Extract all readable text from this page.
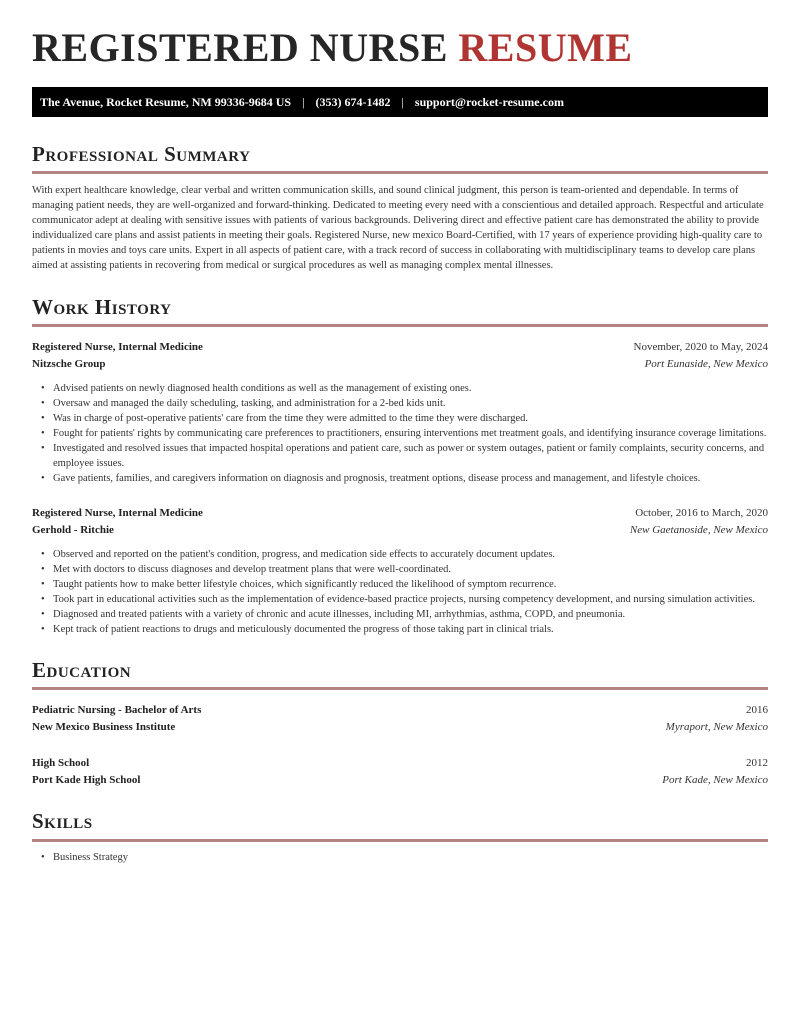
REGISTERED NURSE RESUME
The Avenue, Rocket Resume, NM 99336-9684 US | (353) 674-1482 | support@rocket-resume.com
Professional Summary

With expert healthcare knowledge, clear verbal and written communication skills, and sound clinical judgment, this person is team-oriented and dependable. In terms of managing patient needs, they are well-organized and forward-thinking. Dedicated to meeting every need with a conscientious and detailed approach. Respectful and articulate communicator adept at dealing with sensitive issues with patients of various backgrounds. Delivering direct and effective patient care has demonstrated the ability to provide individualized care plans and assist patients in meeting their goals. Registered Nurse, new mexico Board-Certified, with 17 years of experience providing high-quality care to patients in movies and toys care units. Expert in all aspects of patient care, with a track record of success in collaborating with multidisciplinary teams to develop care plans aimed at assisting patients in recovering from medical or surgical procedures as well as managing complex mental illnesses.

Work History
Registered Nurse, Internal Medicine	November, 2020 to May, 2024
Nitzsche Group	Port Eunaside, New Mexico
• Advised patients on newly diagnosed health conditions as well as the management of existing ones.
• Oversaw and managed the daily scheduling, tasking, and administration for a 2-bed kids unit.
• Was in charge of post-operative patients' care from the time they were admitted to the time they were discharged.
• Fought for patients' rights by communicating care preferences to practitioners, ensuring interventions met treatment goals, and identifying insurance coverage limitations.
• Investigated and resolved issues that impacted hospital operations and patient care, such as power or system outages, patient or family complaints, security concerns, and employee issues.
• Gave patients, families, and caregivers information on diagnosis and prognosis, treatment options, disease process and management, and lifestyle choices.
Registered Nurse, Internal Medicine	October, 2016 to March, 2020
Gerhold - Ritchie	New Gaetanoside, New Mexico
• Observed and reported on the patient's condition, progress, and medication side effects to accurately document updates.
• Met with doctors to discuss diagnoses and develop treatment plans that were well-coordinated.
• Taught patients how to make better lifestyle choices, which significantly reduced the likelihood of symptom recurrence.
• Took part in educational activities such as the implementation of evidence-based practice projects, nursing competency development, and nursing simulation activities.
• Diagnosed and treated patients with a variety of chronic and acute illnesses, including MI, arrhythmias, asthma, COPD, and pneumonia.
• Kept track of patient reactions to drugs and meticulously documented the progress of those taking part in clinical trials.
Education
Pediatric Nursing - Bachelor of Arts	2016
New Mexico Business Institute	Myraport, New Mexico
High School	2012
Port Kade High School	Port Kade, New Mexico
Skills
• Business Strategy
